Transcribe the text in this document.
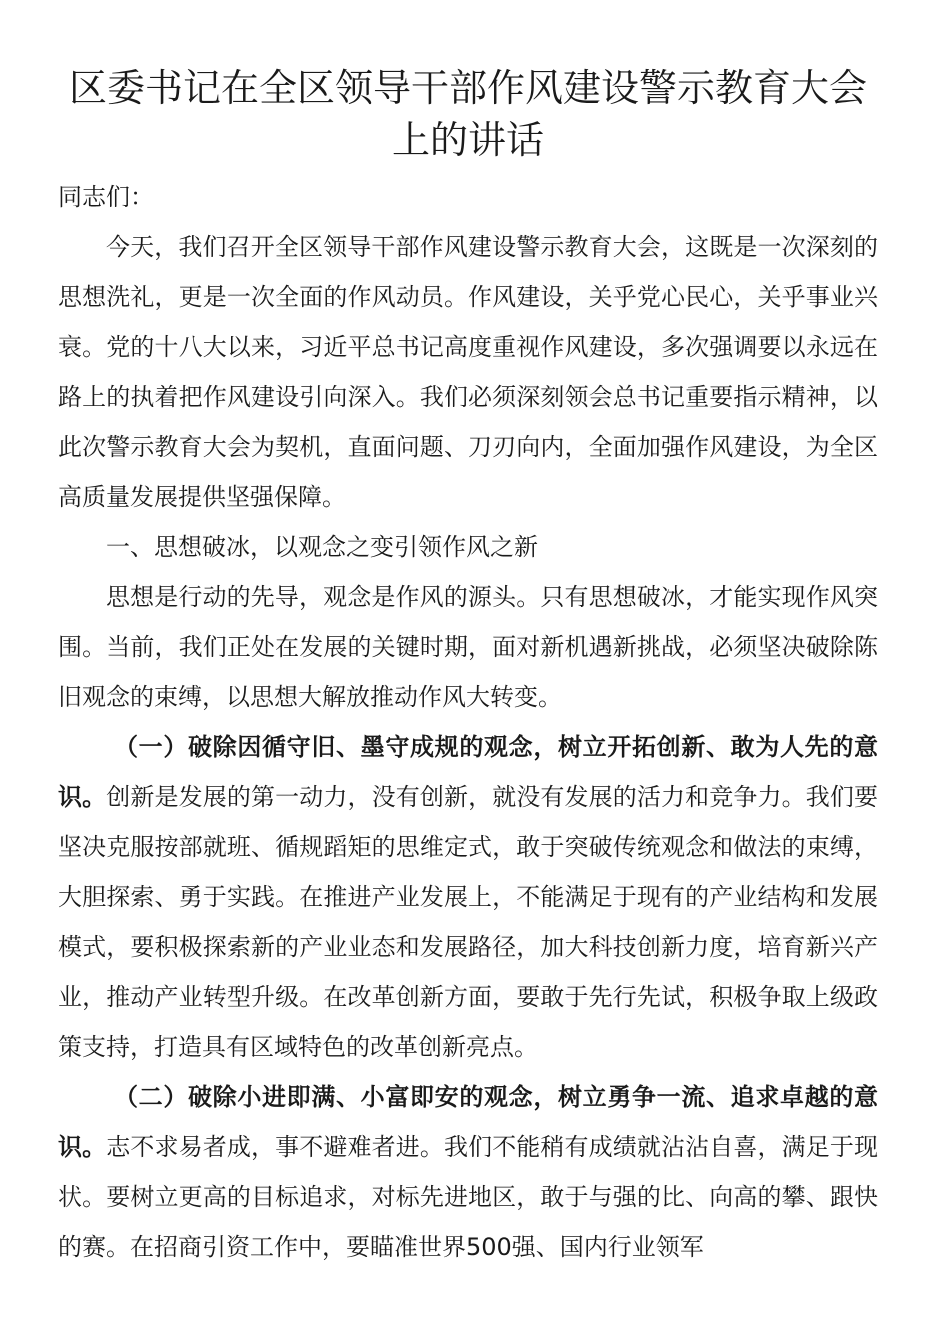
区委书记在全区领导干部作风建设警示教育大会上的讲话

同志们：

今天，我们召开全区领导干部作风建设警示教育大会，这既是一次深刻的思想洗礼，更是一次全面的作风动员。作风建设，关乎党心民心，关乎事业兴衰。党的十八大以来，习近平总书记高度重视作风建设，多次强调要以永远在路上的执着把作风建设引向深入。我们必须深刻领会总书记重要指示精神，以此次警示教育大会为契机，直面问题、刀刃向内，全面加强作风建设，为全区高质量发展提供坚强保障。

一、思想破冰，以观念之变引领作风之新

思想是行动的先导，观念是作风的源头。只有思想破冰，才能实现作风突围。当前，我们正处在发展的关键时期，面对新机遇新挑战，必须坚决破除陈旧观念的束缚，以思想大解放推动作风大转变。

（一）破除因循守旧、墨守成规的观念，树立开拓创新、敢为人先的意识。创新是发展的第一动力，没有创新，就没有发展的活力和竞争力。我们要坚决克服按部就班、循规蹈矩的思维定式，敢于突破传统观念和做法的束缚，大胆探索、勇于实践。在推进产业发展上，不能满足于现有的产业结构和发展模式，要积极探索新的产业业态和发展路径，加大科技创新力度，培育新兴产业，推动产业转型升级。在改革创新方面，要敢于先行先试，积极争取上级政策支持，打造具有区域特色的改革创新亮点。

（二）破除小进即满、小富即安的观念，树立勇争一流、追求卓越的意识。志不求易者成，事不避难者进。我们不能稍有成绩就沾沾自喜，满足于现状。要树立更高的目标追求，对标先进地区，敢于与强的比、向高的攀、跟快的赛。在招商引资工作中，要瞄准世界500强、国内行业领军
